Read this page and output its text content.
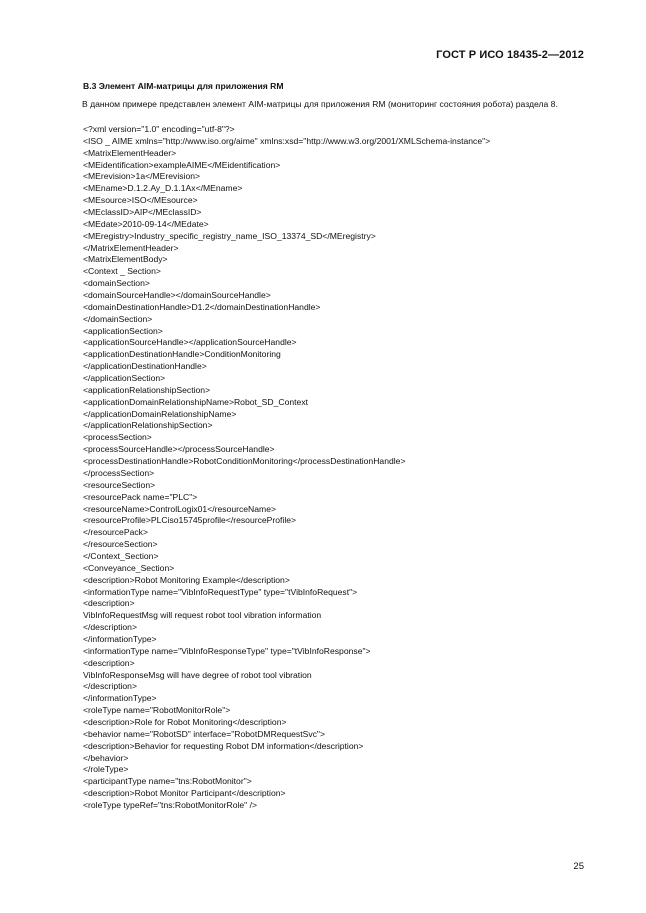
ГОСТ Р ИСО 18435-2—2012
В.3 Элемент AIM-матрицы для приложения RM
В данном примере представлен элемент AIM-матрицы для приложения RM (мониторинг состояния робота) раздела 8.
<?xml version="1.0" encoding="utf-8"?>
<ISO _ AIME xmlns="http://www.iso.org/aime" xmlns:xsd="http://www.w3.org/2001/XMLSchema-instance">
<MatrixElementHeader>
<MEidentification>exampleAIME</MEidentification>
<MErevision>1a</MErevision>
<MEname>D.1.2.Ay_D.1.1Ax</MEname>
<MEsource>ISO</MEsource>
<MEclassID>AIP</MEclassID>
<MEdate>2010-09-14</MEdate>
<MEregistry>Industry_specific_registry_name_ISO_13374_SD</MEregistry>
</MatrixElementHeader>
<MatrixElementBody>
<Context _ Section>
<domainSection>
<domainSourceHandle></domainSourceHandle>
<domainDestinationHandle>D1.2</domainDestinationHandle>
</domainSection>
<applicationSection>
<applicationSourceHandle></applicationSourceHandle>
<applicationDestinationHandle>ConditionMonitoring
</applicationDestinationHandle>
</applicationSection>
<applicationRelationshipSection>
<applicationDomainRelationshipName>Robot_SD_Context
</applicationDomainRelationshipName>
</applicationRelationshipSection>
<processSection>
<processSourceHandle></processSourceHandle>
<processDestinationHandle>RobotConditionMonitoring</processDestinationHandle>
</processSection>
<resourceSection>
<resourcePack name="PLC">
<resourceName>ControlLogix01</resourceName>
<resourceProfile>PLCiso15745profile</resourceProfile>
</resourcePack>
</resourceSection>
</Context_Section>
<Conveyance_Section>
<description>Robot Monitoring Example</description>
<informationType name="VibInfoRequestType" type="tVibInfoRequest">
<description>
VibInfoRequestMsg will request robot tool vibration information
</description>
</informationType>
<informationType name="VibInfoResponseType" type="tVibInfoResponse">
<description>
VibInfoResponseMsg will have degree of robot tool vibration
</description>
</informationType>
<roleType name="RobotMonitorRole">
<description>Role for Robot Monitoring</description>
<behavior name="RobotSD" interface="RobotDMRequestSvc">
<description>Behavior for requesting Robot DM information</description>
</behavior>
</roleType>
<participantType name="tns:RobotMonitor">
<description>Robot Monitor Participant</description>
<roleType typeRef="tns:RobotMonitorRole" />
25
